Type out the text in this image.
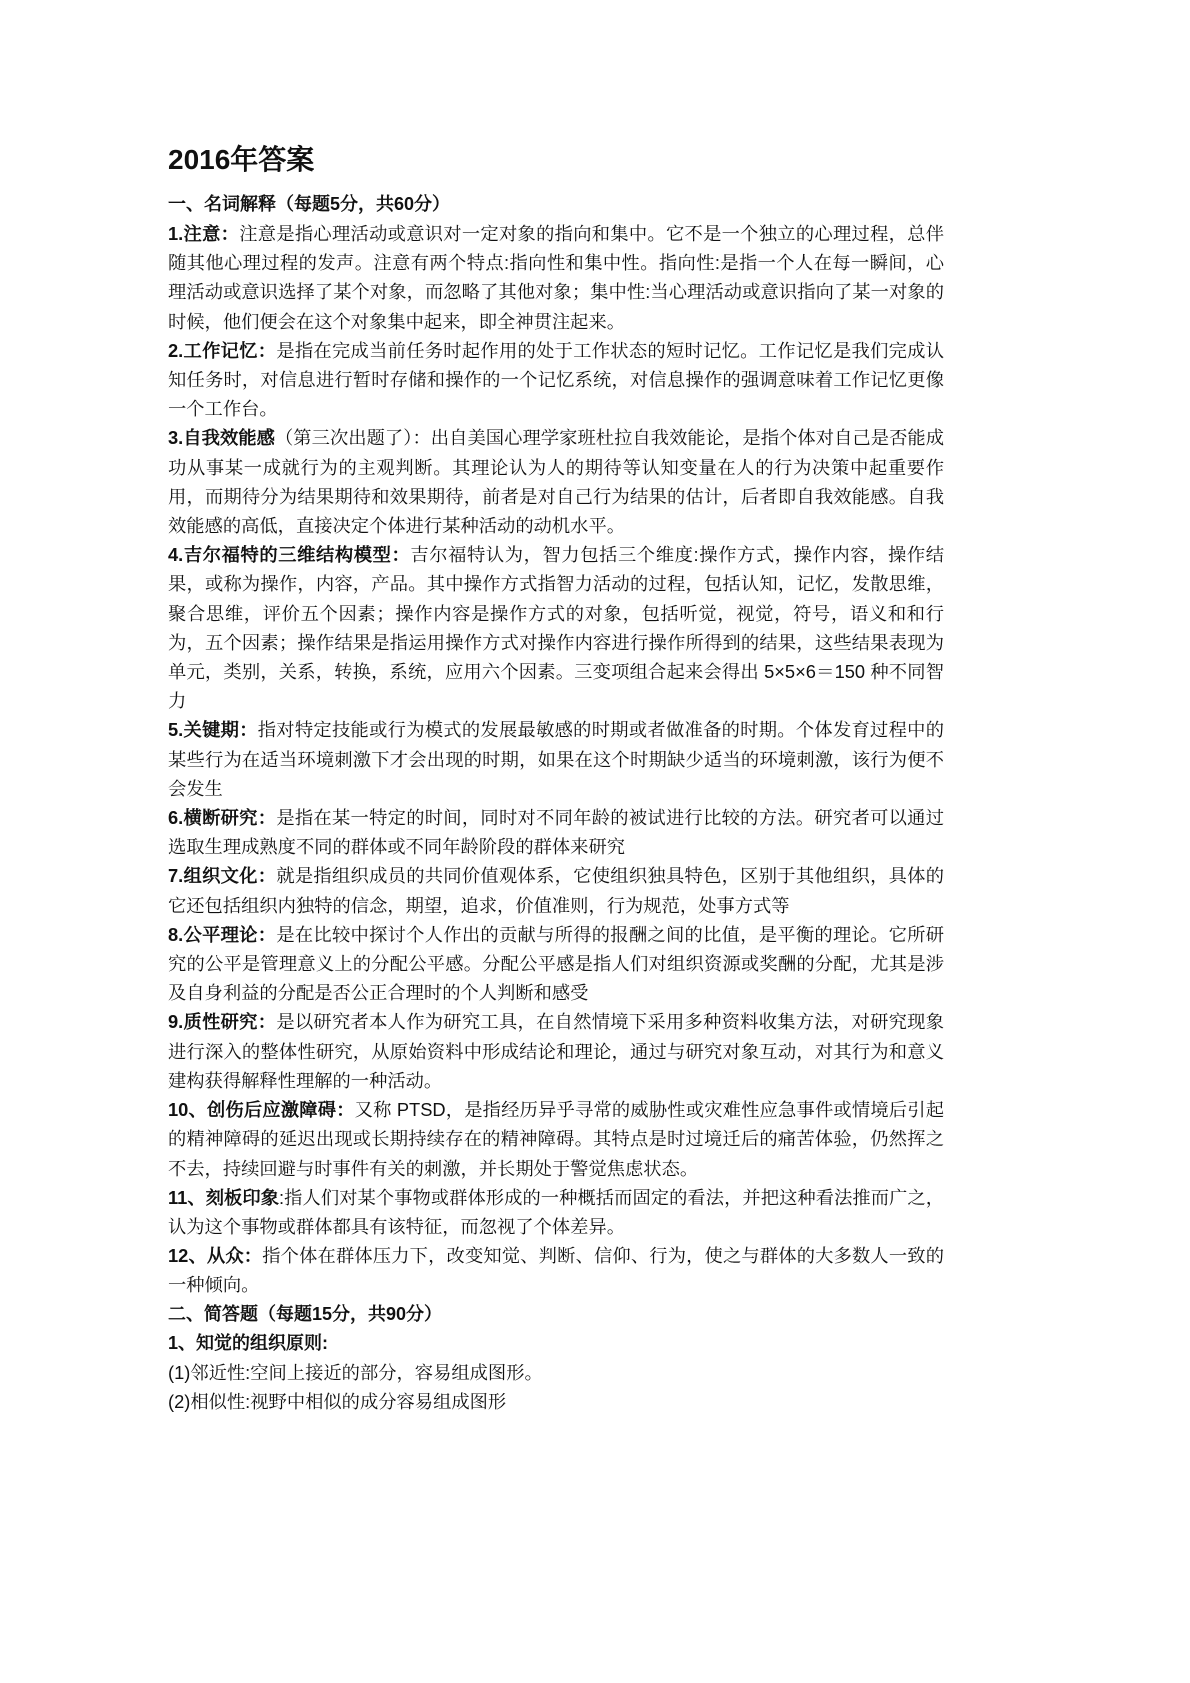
2016年答案
一、名词解释（每题5分，共60分）

1.注意：注意是指心理活动或意识对一定对象的指向和集中。它不是一个独立的心理过程，总伴随其他心理过程的发声。注意有两个特点:指向性和集中性。指向性:是指一个人在每一瞬间，心理活动或意识选择了某个对象，而忽略了其他对象；集中性:当心理活动或意识指向了某一对象的时候，他们便会在这个对象集中起来，即全神贯注起来。

2.工作记忆：是指在完成当前任务时起作用的处于工作状态的短时记忆。工作记忆是我们完成认知任务时，对信息进行暂时存储和操作的一个记忆系统，对信息操作的强调意味着工作记忆更像一个工作台。

3.自我效能感（第三次出题了）：出自美国心理学家班杜拉自我效能论，是指个体对自己是否能成功从事某一成就行为的主观判断。其理论认为人的期待等认知变量在人的行为决策中起重要作用，而期待分为结果期待和效果期待，前者是对自己行为结果的估计，后者即自我效能感。自我效能感的高低，直接决定个体进行某种活动的动机水平。

4.吉尔福特的三维结构模型：吉尔福特认为，智力包括三个维度:操作方式，操作内容，操作结果，或称为操作，内容，产品。其中操作方式指智力活动的过程，包括认知，记忆，发散思维，聚合思维，评价五个因素；操作内容是操作方式的对象，包括听觉，视觉，符号，语义和和行为，五个因素；操作结果是指运用操作方式对操作内容进行操作所得到的结果，这些结果表现为单元，类别，关系，转换，系统，应用六个因素。三变项组合起来会得出 5×5×6＝150 种不同智力

5.关键期：指对特定技能或行为模式的发展最敏感的时期或者做准备的时期。个体发育过程中的某些行为在适当环境刺激下才会出现的时期，如果在这个时期缺少适当的环境刺激，该行为便不会发生

6.横断研究：是指在某一特定的时间，同时对不同年龄的被试进行比较的方法。研究者可以通过选取生理成熟度不同的群体或不同年龄阶段的群体来研究

7.组织文化：就是指组织成员的共同价值观体系，它使组织独具特色，区别于其他组织，具体的它还包括组织内独特的信念，期望，追求，价值准则，行为规范，处事方式等

8.公平理论：是在比较中探讨个人作出的贡献与所得的报酬之间的比值，是平衡的理论。它所研究的公平是管理意义上的分配公平感。分配公平感是指人们对组织资源或奖酬的分配，尤其是涉及自身利益的分配是否公正合理时的个人判断和感受

9.质性研究：是以研究者本人作为研究工具，在自然情境下采用多种资料收集方法，对研究现象进行深入的整体性研究，从原始资料中形成结论和理论，通过与研究对象互动，对其行为和意义建构获得解释性理解的一种活动。

10、创伤后应激障碍：又称 PTSD，是指经历异乎寻常的威胁性或灾难性应急事件或情境后引起的精神障碍的延迟出现或长期持续存在的精神障碍。其特点是时过境迁后的痛苦体验，仍然挥之不去，持续回避与时事件有关的刺激，并长期处于警觉焦虑状态。

11、刻板印象:指人们对某个事物或群体形成的一种概括而固定的看法，并把这种看法推而广之，认为这个事物或群体都具有该特征，而忽视了个体差异。

12、从众：指个体在群体压力下，改变知觉、判断、信仰、行为，使之与群体的大多数人一致的一种倾向。

二、简答题（每题15分，共90分）
1、知觉的组织原则:

(1)邻近性:空间上接近的部分，容易组成图形。

(2)相似性:视野中相似的成分容易组成图形
